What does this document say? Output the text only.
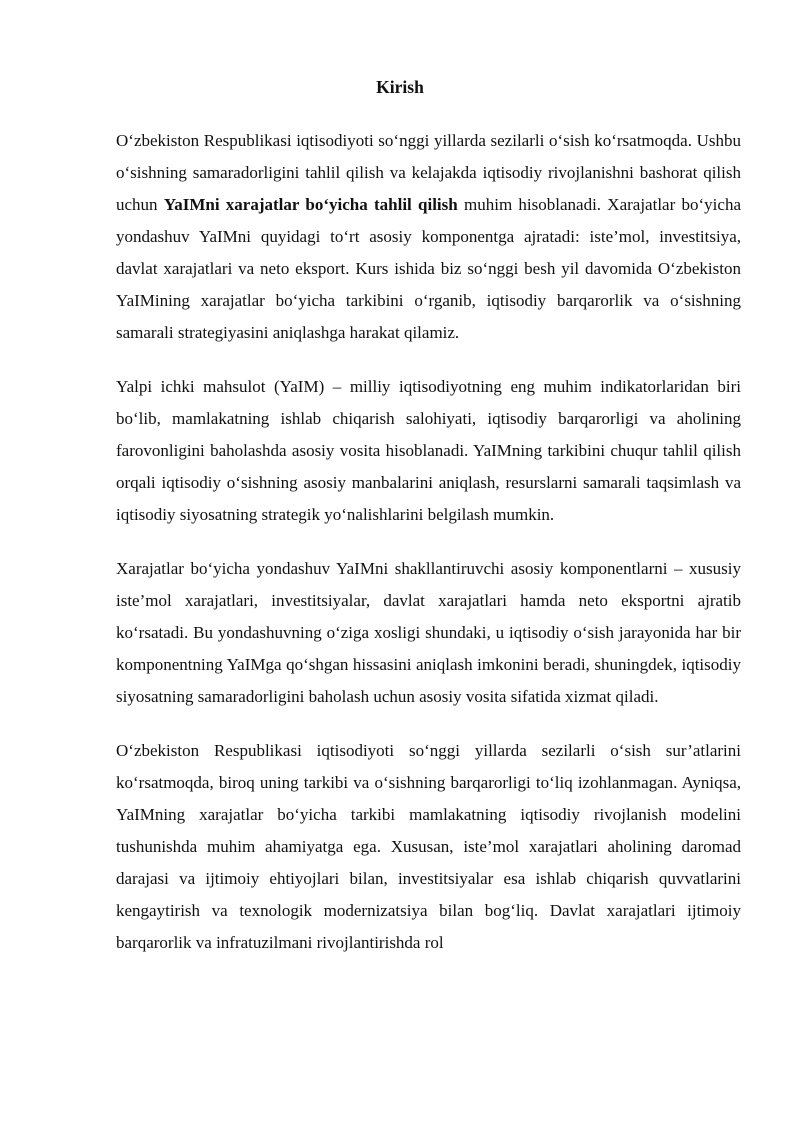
Kirish

O‘zbekiston Respublikasi iqtisodiyoti so‘nggi yillarda sezilarli o‘sish ko‘rsatmoqda. Ushbu o‘sishning samaradorligini tahlil qilish va kelajakda iqtisodiy rivojlanishni bashorat qilish uchun YaIMni xarajatlar bo‘yicha tahlil qilish muhim hisoblanadi. Xarajatlar bo‘yicha yondashuv YaIMni quyidagi to‘rt asosiy komponentga ajratadi: iste’mol, investitsiya, davlat xarajatlari va neto eksport. Kurs ishida biz so‘nggi besh yil davomida O‘zbekiston YaIMining xarajatlar bo‘yicha tarkibini o‘rganib, iqtisodiy barqarorlik va o‘sishning samarali strategiyasini aniqlashga harakat qilamiz.

Yalpi ichki mahsulot (YaIM) – milliy iqtisodiyotning eng muhim indikatorlaridan biri bo‘lib, mamlakatning ishlab chiqarish salohiyati, iqtisodiy barqarorligi va aholining farovonligini baholashda asosiy vosita hisoblanadi. YaIMning tarkibini chuqur tahlil qilish orqali iqtisodiy o‘sishning asosiy manbalarini aniqlash, resurslarni samarali taqsimlash va iqtisodiy siyosatning strategik yo‘nalishlarini belgilash mumkin.

Xarajatlar bo‘yicha yondashuv YaIMni shakllantiruvchi asosiy komponentlarni – xususiy iste’mol xarajatlari, investitsiyalar, davlat xarajatlari hamda neto eksportni ajratib ko‘rsatadi. Bu yondashuvning o‘ziga xosligi shundaki, u iqtisodiy o‘sish jarayonida har bir komponentning YaIMga qo‘shgan hissasini aniqlash imkonini beradi, shuningdek, iqtisodiy siyosatning samaradorligini baholash uchun asosiy vosita sifatida xizmat qiladi.

O‘zbekiston Respublikasi iqtisodiyoti so‘nggi yillarda sezilarli o‘sish sur’atlarini ko‘rsatmoqda, biroq uning tarkibi va o‘sishning barqarorligi to‘liq izohlanmagan. Ayniqsa, YaIMning xarajatlar bo‘yicha tarkibi mamlakatning iqtisodiy rivojlanish modelini tushunishda muhim ahamiyatga ega. Xususan, iste’mol xarajatlari aholining daromad darajasi va ijtimoiy ehtiyojlari bilan, investitsiyalar esa ishlab chiqarish quvvatlarini kengaytirish va texnologik modernizatsiya bilan bog‘liq. Davlat xarajatlari ijtimoiy barqarorlik va infratuzilmani rivojlantirishda rol
